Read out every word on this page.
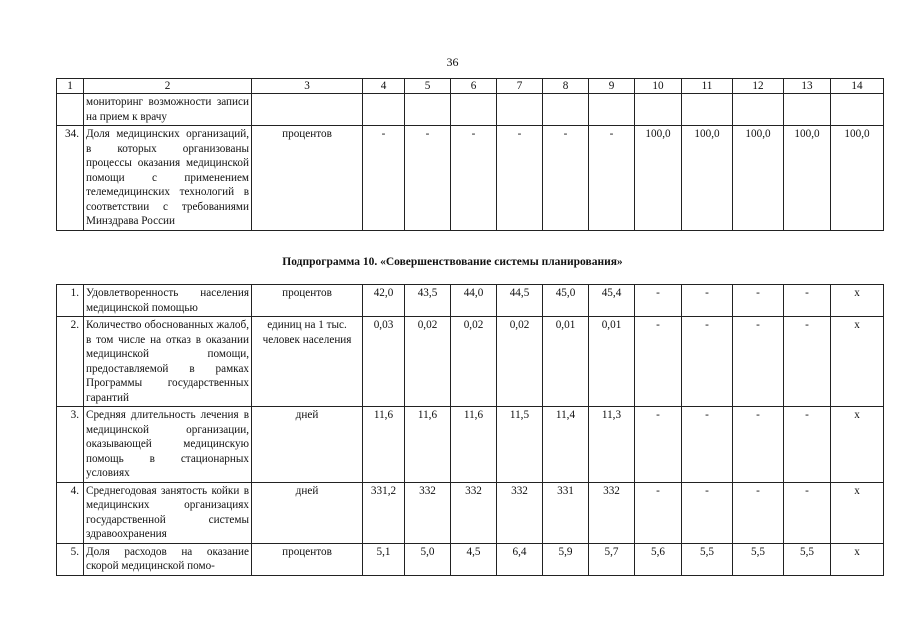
36
1	2	3	4	5	6	7	8	9	10	11	12	13	14
	мониторинг возможности записи на прием к врачу												
34.	Доля медицинских организаций, в которых организованы процессы оказания медицинской помощи с применением телемедицинских технологий в соответствии с требованиями Минздрава России	процентов	-	-	-	-	-	-	100,0	100,0	100,0	100,0	100,0
Подпрограмма 10. «Совершенствование системы планирования»
1.	Удовлетворенность населения медицинской помощью	процентов	42,0	43,5	44,0	44,5	45,0	45,4	-	-	-	-	х
2.	Количество обоснованных жалоб, в том числе на отказ в оказании медицинской помощи, предоставляемой в рамках Программы государственных гарантий	единиц на 1 тыс. человек населения	0,03	0,02	0,02	0,02	0,01	0,01	-	-	-	-	х
3.	Средняя длительность лечения в медицинской организации, оказывающей медицинскую помощь в стационарных условиях	дней	11,6	11,6	11,6	11,5	11,4	11,3	-	-	-	-	х
4.	Среднегодовая занятость койки в медицинских организациях государственной системы здравоохранения	дней	331,2	332	332	332	331	332	-	-	-	-	х
5.	Доля расходов на оказание скорой медицинской помо-	процентов	5,1	5,0	4,5	6,4	5,9	5,7	5,6	5,5	5,5	5,5	х
